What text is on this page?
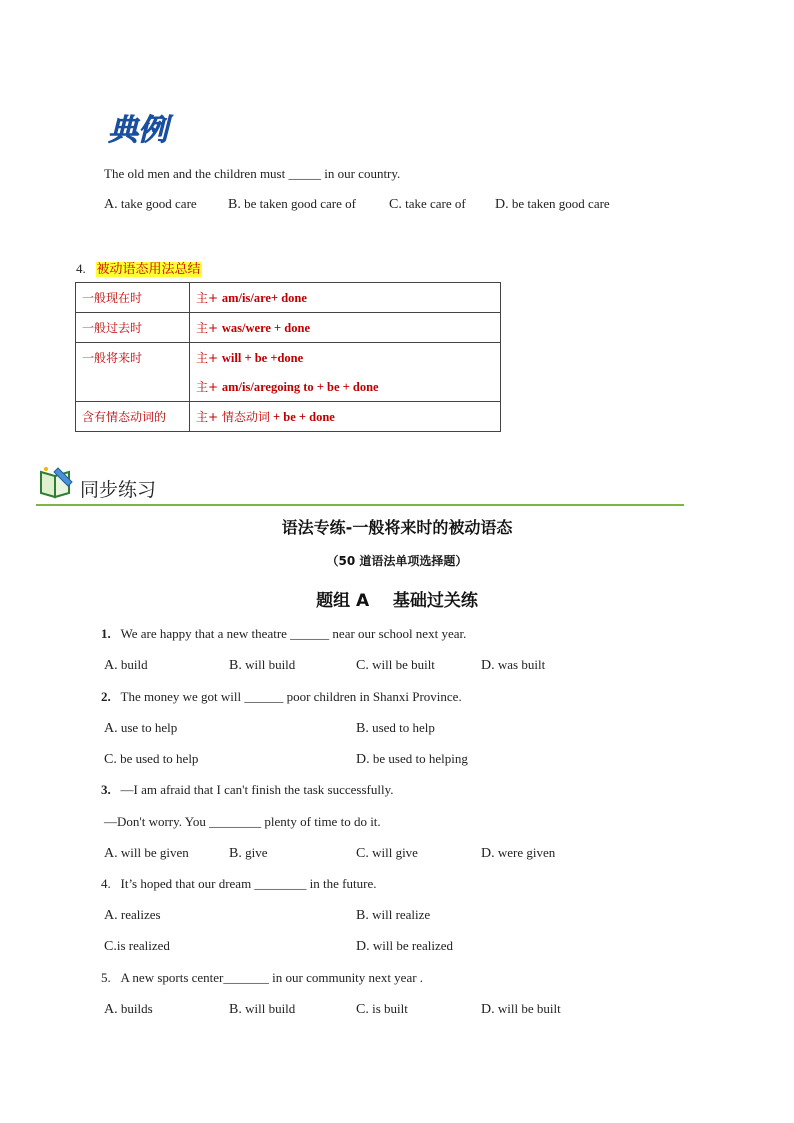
典例
The old men and the children must _____ in our country.
A. take good care B. be taken good care of C. take care of D. be taken good care
4. 被动语态用法总结
一般现在时	主+ am/is/are+ done
一般过去时	主+ was/were + done
一般将来时	主+ will + be +done
主+ am/is/aregoing to + be + done

含有情态动词的	主+ 情态动词 + be + done
同步练习
语法专练-一般将来时的被动语态
（50 道语法单项选择题）
题组 A    基础过关练
1. We are happy that a new theatre ______ near our school next year.
A. build	B. will build	C. will be built	D. was built
2. The money we got will ______ poor children in Shanxi Province.
A. use to help	B. used to help
C. be used to help	D. be used to helping
3. —I am afraid that I can't finish the task successfully.
—Don't worry. You ________ plenty of time to do it.
A. will be given	B. give	C. will give	D. were given
4. It’s hoped that our dream ________ in the future.
A. realizes	B. will realize
C.is realized	D. will be realized
5. A new sports center_______ in our community next year .
A. builds	B. will build	C. is built	D. will be built
